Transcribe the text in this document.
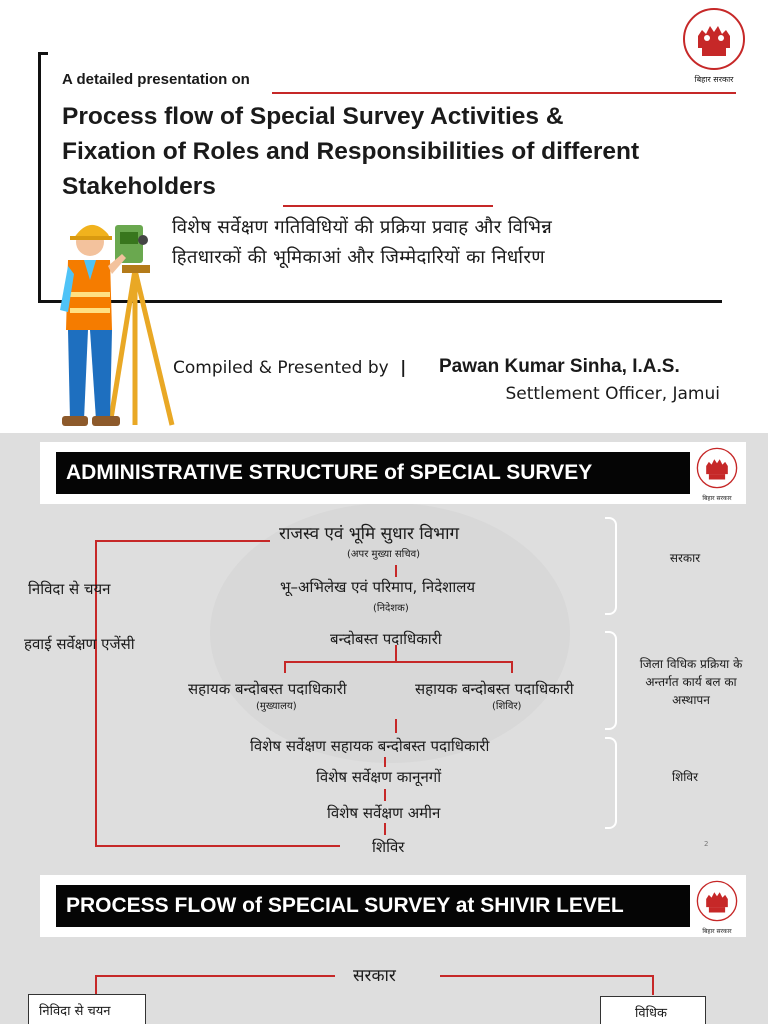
A detailed presentation on
Process flow of Special Survey Activities &
Fixation of Roles and Responsibilities of different
Stakeholders
विशेष सर्वेक्षण गतिविधियों की प्रक्रिया प्रवाह और विभिन्न
हितधारकों की भूमिकाआं और जिम्मेदारियों का निर्धारण
Compiled & Presented by | Pawan Kumar Sinha, I.A.S.
Settlement Officer, Jamui
बिहार सरकार
ADMINISTRATIVE STRUCTURE of SPECIAL SURVEY
बिहार सरकार
राजस्व एवं भूमि सुधार विभाग
(अपर मुख्या सचिव)
भू–अभिलेख एवं परिमाप, निदेशालय
(निदेशक)
बन्दोबस्त पदाधिकारी
सहायक बन्दोबस्त पदाधिकारी
(मुख्यालय)
सहायक बन्दोबस्त पदाधिकारी
(शिविर)
विशेष सर्वेक्षण सहायक बन्दोबस्त पदाधिकारी
विशेष सर्वेक्षण कानूनगों
विशेष सर्वेक्षण अमीन
शिविर
निविदा से चयन
हवाई सर्वेक्षण एजेंसी
सरकार
जिला विधिक प्रक्रिया के अन्तर्गत कार्य बल का अस्थापन
शिविर
2
PROCESS FLOW of SPECIAL SURVEY at SHIVIR LEVEL
बिहार सरकार
सरकार
निविदा से चयन	विधिक
